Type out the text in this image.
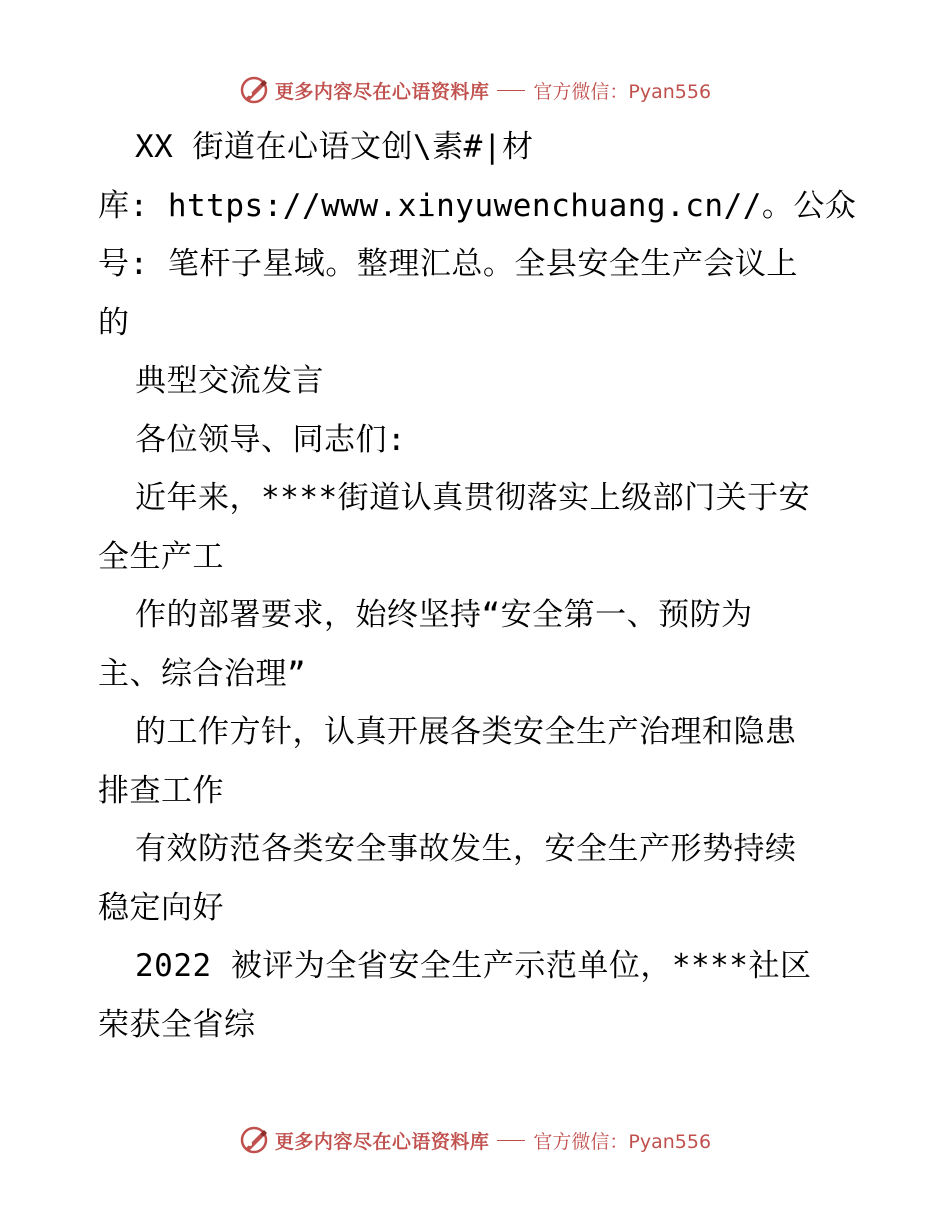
更多内容尽在心语资料库 官方微信：Pyan556
XX 街道在心语文创\素#|材
库: https://www.xinyuwenchuang.cn//。公众
号: 笔杆子星域。整理汇总。全县安全生产会议上
的
典型交流发言
各位领导、同志们:
近年来，****街道认真贯彻落实上级部门关于安
全生产工
作的部署要求，始终坚持“安全第一、预防为
主、综合治理”
的工作方针，认真开展各类安全生产治理和隐患
排查工作
有效防范各类安全事故发生，安全生产形势持续
稳定向好
2022 被评为全省安全生产示范单位，****社区
荣获全省综
更多内容尽在心语资料库 官方微信：Pyan556
